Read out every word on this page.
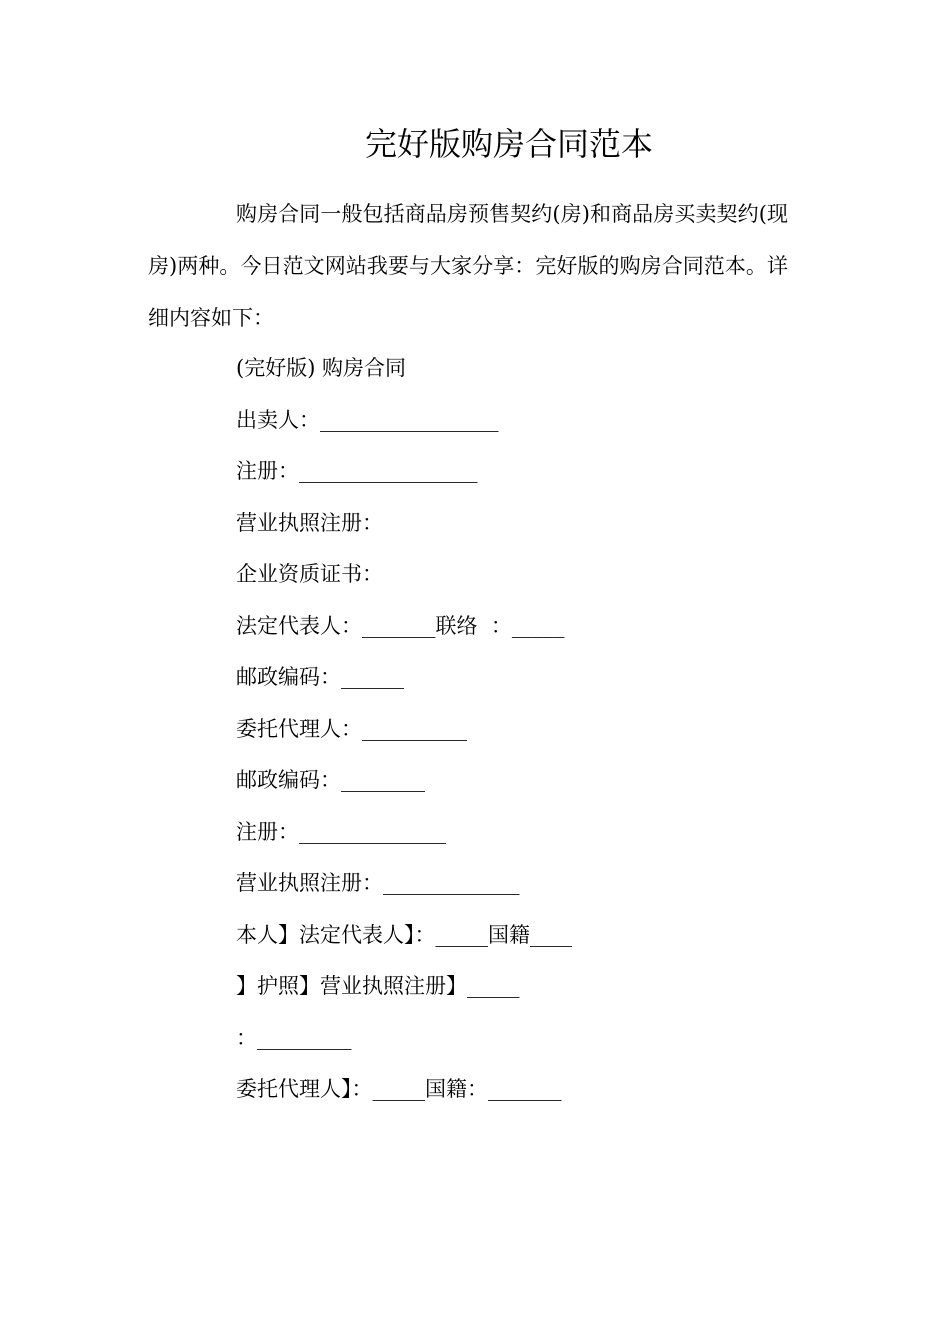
完好版购房合同范本
购房合同一般包括商品房预售契约(房)和商品房买卖契约(现房)两种。今日范文网站我要与大家分享：完好版的购房合同范本。详细内容如下：
(完好版) 购房合同
出卖人：_________________
注册：_________________
营业执照注册：
企业资质证书：
法定代表人：_______联络  ：_____
邮政编码：______
委托代理人：__________
邮政编码：________
注册：______________
营业执照注册：_____________
本人】法定代表人】：_____国籍____
】护照】营业执照注册】_____
：_________
委托代理人】：_____国籍：_______
